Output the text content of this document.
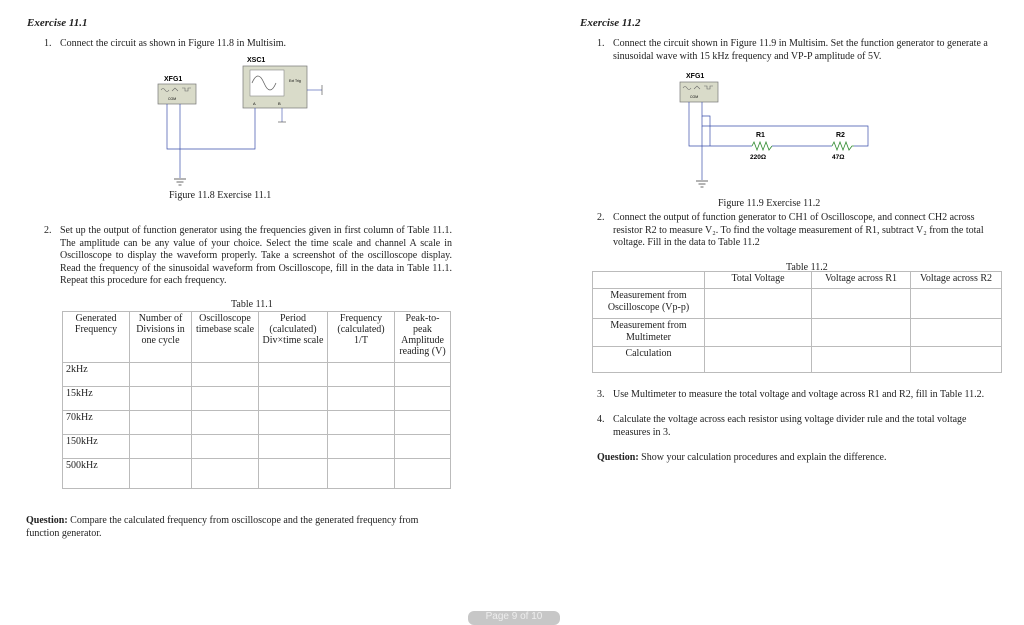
Exercise 11.1
1. Connect the circuit as shown in Figure 11.8 in Multisim.
XSC1
XFG1
COM
Ext Trig
A	B
Figure 11.8 Exercise 11.1
2. Set up the output of function generator using the frequencies given in first column of Table 11.1. The amplitude can be any value of your choice. Select the time scale and channel A scale in Oscilloscope to display the waveform properly. Take a screenshot of the oscilloscope display. Read the frequency of the sinusoidal waveform from Oscilloscope, fill in the data in Table 11.1. Repeat this procedure for each frequency.
Table 11.1
Generated Frequency	Number of Divisions in one cycle	Oscilloscope timebase scale	Period (calculated) Div×time scale	Frequency (calculated) 1/T	Peak-to-peak Amplitude reading (V)
2kHz					
15kHz					
70kHz					
150kHz					
500kHz					
Question: Compare the calculated frequency from oscilloscope and the generated frequency from function generator.
Exercise 11.2
1. Connect the circuit shown in Figure 11.9 in Multisim. Set the function generator to generate a sinusoidal wave with 15 kHz frequency and VP-P amplitude of 5V.
XFG1
COM
R1
220Ω
R2
47Ω
Figure 11.9 Exercise 11.2
2. Connect the output of function generator to CH1 of Oscilloscope, and connect CH2 across resistor R2 to measure V₂. To find the voltage measurement of R1, subtract V₂ from the total voltage. Fill in the data to Table 11.2
Table 11.2
	Total Voltage	Voltage across R1	Voltage across R2
Measurement from Oscilloscope (Vp-p)			
Measurement from Multimeter			
Calculation			
3. Use Multimeter to measure the total voltage and voltage across R1 and R2, fill in Table 11.2.
4. Calculate the voltage across each resistor using voltage divider rule and the total voltage measures in 3.
Question: Show your calculation procedures and explain the difference.
Page 9 of 10
